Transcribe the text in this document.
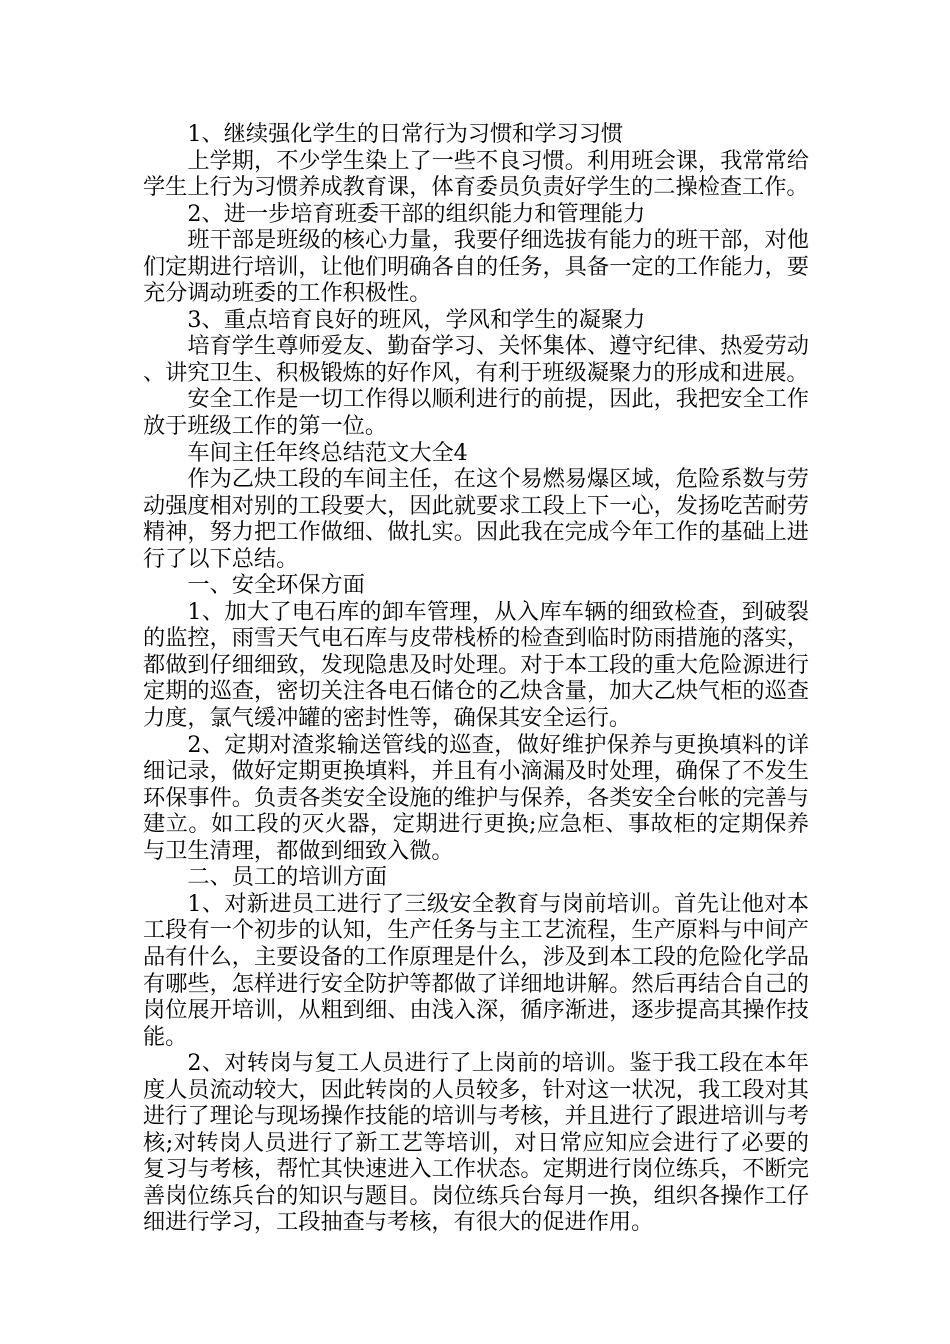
1、继续强化学生的日常行为习惯和学习习惯

上学期，不少学生染上了一些不良习惯。利用班会课，我常常给学生上行为习惯养成教育课，体育委员负责好学生的二操检查工作。

2、进一步培育班委干部的组织能力和管理能力

班干部是班级的核心力量，我要仔细选拔有能力的班干部，对他们定期进行培训，让他们明确各自的任务，具备一定的工作能力，要充分调动班委的工作积极性。

3、重点培育良好的班风，学风和学生的凝聚力

培育学生尊师爱友、勤奋学习、关怀集体、遵守纪律、热爱劳动、讲究卫生、积极锻炼的好作风，有利于班级凝聚力的形成和进展。

安全工作是一切工作得以顺利进行的前提，因此，我把安全工作放于班级工作的第一位。

车间主任年终总结范文大全4

作为乙炔工段的车间主任，在这个易燃易爆区域，危险系数与劳动强度相对别的工段要大，因此就要求工段上下一心，发扬吃苦耐劳精神，努力把工作做细、做扎实。因此我在完成今年工作的基础上进行了以下总结。

一、安全环保方面

1、加大了电石库的卸车管理，从入库车辆的细致检查，到破裂的监控，雨雪天气电石库与皮带栈桥的检查到临时防雨措施的落实，都做到仔细细致，发现隐患及时处理。对于本工段的重大危险源进行定期的巡查，密切关注各电石储仓的乙炔含量，加大乙炔气柜的巡查力度，氯气缓冲罐的密封性等，确保其安全运行。

2、定期对渣浆输送管线的巡查，做好维护保养与更换填料的详细记录，做好定期更换填料，并且有小滴漏及时处理，确保了不发生环保事件。负责各类安全设施的维护与保养，各类安全台帐的完善与建立。如工段的灭火器，定期进行更换;应急柜、事故柜的定期保养与卫生清理，都做到细致入微。

二、员工的培训方面

1、对新进员工进行了三级安全教育与岗前培训。首先让他对本工段有一个初步的认知，生产任务与主工艺流程，生产原料与中间产品有什么，主要设备的工作原理是什么，涉及到本工段的危险化学品有哪些，怎样进行安全防护等都做了详细地讲解。然后再结合自己的岗位展开培训，从粗到细、由浅入深，循序渐进，逐步提高其操作技能。

2、对转岗与复工人员进行了上岗前的培训。鉴于我工段在本年度人员流动较大，因此转岗的人员较多，针对这一状况，我工段对其进行了理论与现场操作技能的培训与考核，并且进行了跟进培训与考核;对转岗人员进行了新工艺等培训，对日常应知应会进行了必要的复习与考核，帮忙其快速进入工作状态。定期进行岗位练兵，不断完善岗位练兵台的知识与题目。岗位练兵台每月一换，组织各操作工仔细进行学习，工段抽查与考核，有很大的促进作用。
